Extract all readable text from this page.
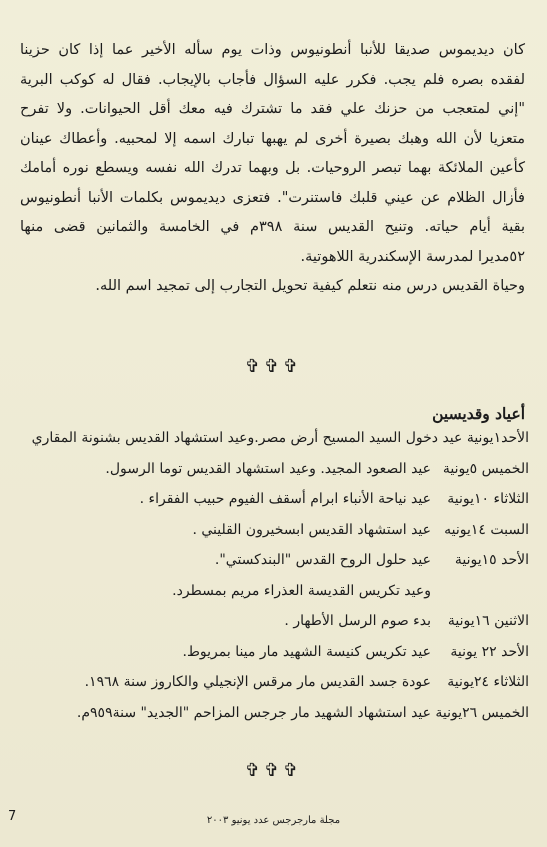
كان ديديموس صديقا للأنبا أنطونيوس وذات يوم سأله الأخير عما إذا كان حزينا
لفقده بصره فلم يجب. فكرر عليه السؤال فأجاب بالإيجاب. فقال له كوكب البرية
"إني لمتعجب من حزنك علي فقد ما تشترك فيه معك أقل الحيوانات. ولا تفرح
متعزيا لأن الله وهبك بصيرة أخرى لم يهبها تبارك اسمه إلا لمحبيه. وأعطاك عينان
كأعين الملائكة بهما تبصر الروحيات. بل وبهما تدرك الله نفسه ويسطع نوره أمامك
فأزال الظلام عن عيني قلبك فاستنرت". فتعزى ديديموس بكلمات الأنبا أنطونيوس
بقية أيام حياته. وتنيح القديس سنة ٣٩٨م في الخامسة والثمانين قضى منها
٥٢مديرا لمدرسة الإسكندرية اللاهوتية.
وحياة القديس درس منه نتعلم كيفية تحويل التجارب إلى تمجيد اسم الله.
✞✞✞
أعياد وقديسين
الأحد١يونية عيد دخول السيد المسيح أرض مصر.وعيد استشهاد القديس بشنونة المقاري
الخميس ٥يونية
عيد الصعود المجيد. وعيد استشهاد القديس توما الرسول.
الثلاثاء ١٠يونية
عيد نياحة الأنباء ابرام أسقف الفيوم حبيب الفقراء .
السبت ١٤يونيه
عيد استشهاد القديس ابسخيرون القليني .
الأحد ١٥يونية
عيد حلول الروح القدس "البندكستي".
وعيد تكريس القديسة العذراء مريم بمسطرد.
الاثنين ١٦يونية
بدء صوم الرسل الأطهار .
الأحد ٢٢ يونية
عيد تكريس كنيسة الشهيد مار مينا بمريوط.
الثلاثاء ٢٤يونية
عودة جسد القديس مار مرقس الإنجيلي والكاروز سنة ١٩٦٨.
الخميس ٢٦يونية
عيد استشهاد الشهيد مار جرجس المزاحم "الجديد" سنة٩٥٩م.
✞✞✞
مجلة مارجرجس عدد يونيو ٢٠٠٣
7
